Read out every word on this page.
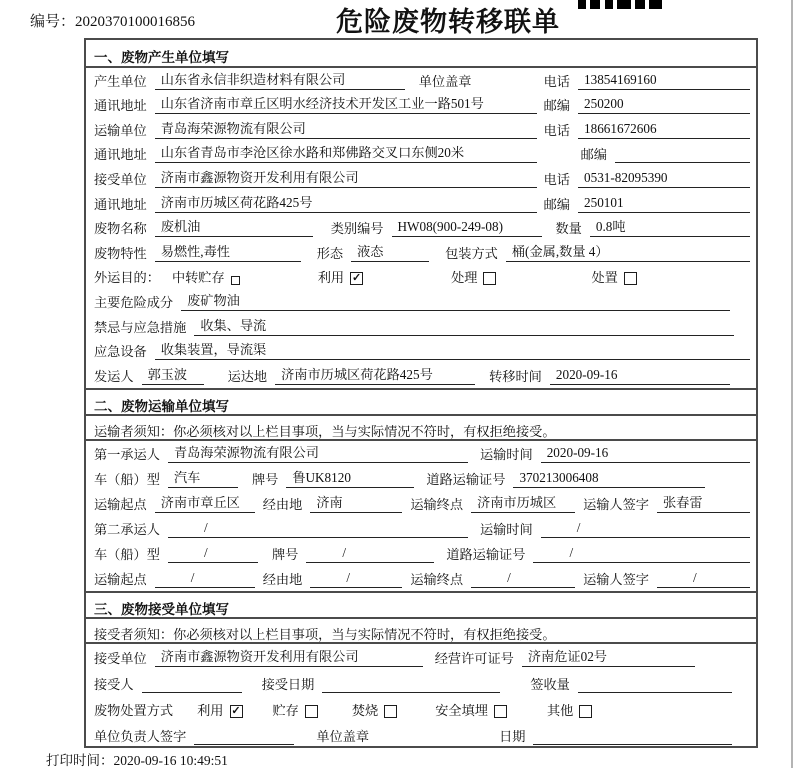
编号：2020370100016856	危险废物转移联单
一、废物产生单位填写
产生单位	山东省永信非织造材料有限公司	单位盖章	电话	13854169160
通讯地址	山东省济南市章丘区明水经济技术开发区工业一路501号	邮编	250200
运输单位	青岛海荣源物流有限公司	电话	18661672606
通讯地址	山东省青岛市李沧区徐水路和郑佛路交叉口东侧20米	邮编
接受单位	济南市鑫源物资开发利用有限公司	电话	0531-82095390
通讯地址	济南市历城区荷花路425号	邮编	250101
废物名称	废机油	类别编号	HW08(900-249-08)	数量	0.8吨
废物特性	易燃性,毒性	形态	液态	包装方式	桶(金属,数量 4）
外运目的： 中转贮存	利用 ✓	处理	处置
主要危险成分	废矿物油
禁忌与应急措施	收集、导流
应急设备	收集装置，导流渠
发运人	郭玉波	运达地	济南市历城区荷花路425号	转移时间	2020-09-16
二、废物运输单位填写
运输者须知：你必须核对以上栏目事项，当与实际情况不符时，有权拒绝接受。
第一承运人	青岛海荣源物流有限公司	运输时间	2020-09-16
车（船）型	汽车	牌号	鲁UK8120	道路运输证号	370213006408
运输起点	济南市章丘区	经由地	济南	运输终点	济南市历城区	运输人签字	张春雷
第二承运人	/	运输时间	/
车（船）型	/	牌号	/	道路运输证号	/
运输起点	/	经由地	/	运输终点	/	运输人签字	/
三、废物接受单位填写
接受者须知：你必须核对以上栏目事项，当与实际情况不符时，有权拒绝接受。
接受单位	济南市鑫源物资开发利用有限公司	经营许可证号	济南危证02号
接受人	接受日期	签收量
废物处置方式 利用 ✓ 贮存	焚烧	安全填埋	其他
单位负责人签字	单位盖章	日期
打印时间：2020-09-16 10:49:51
